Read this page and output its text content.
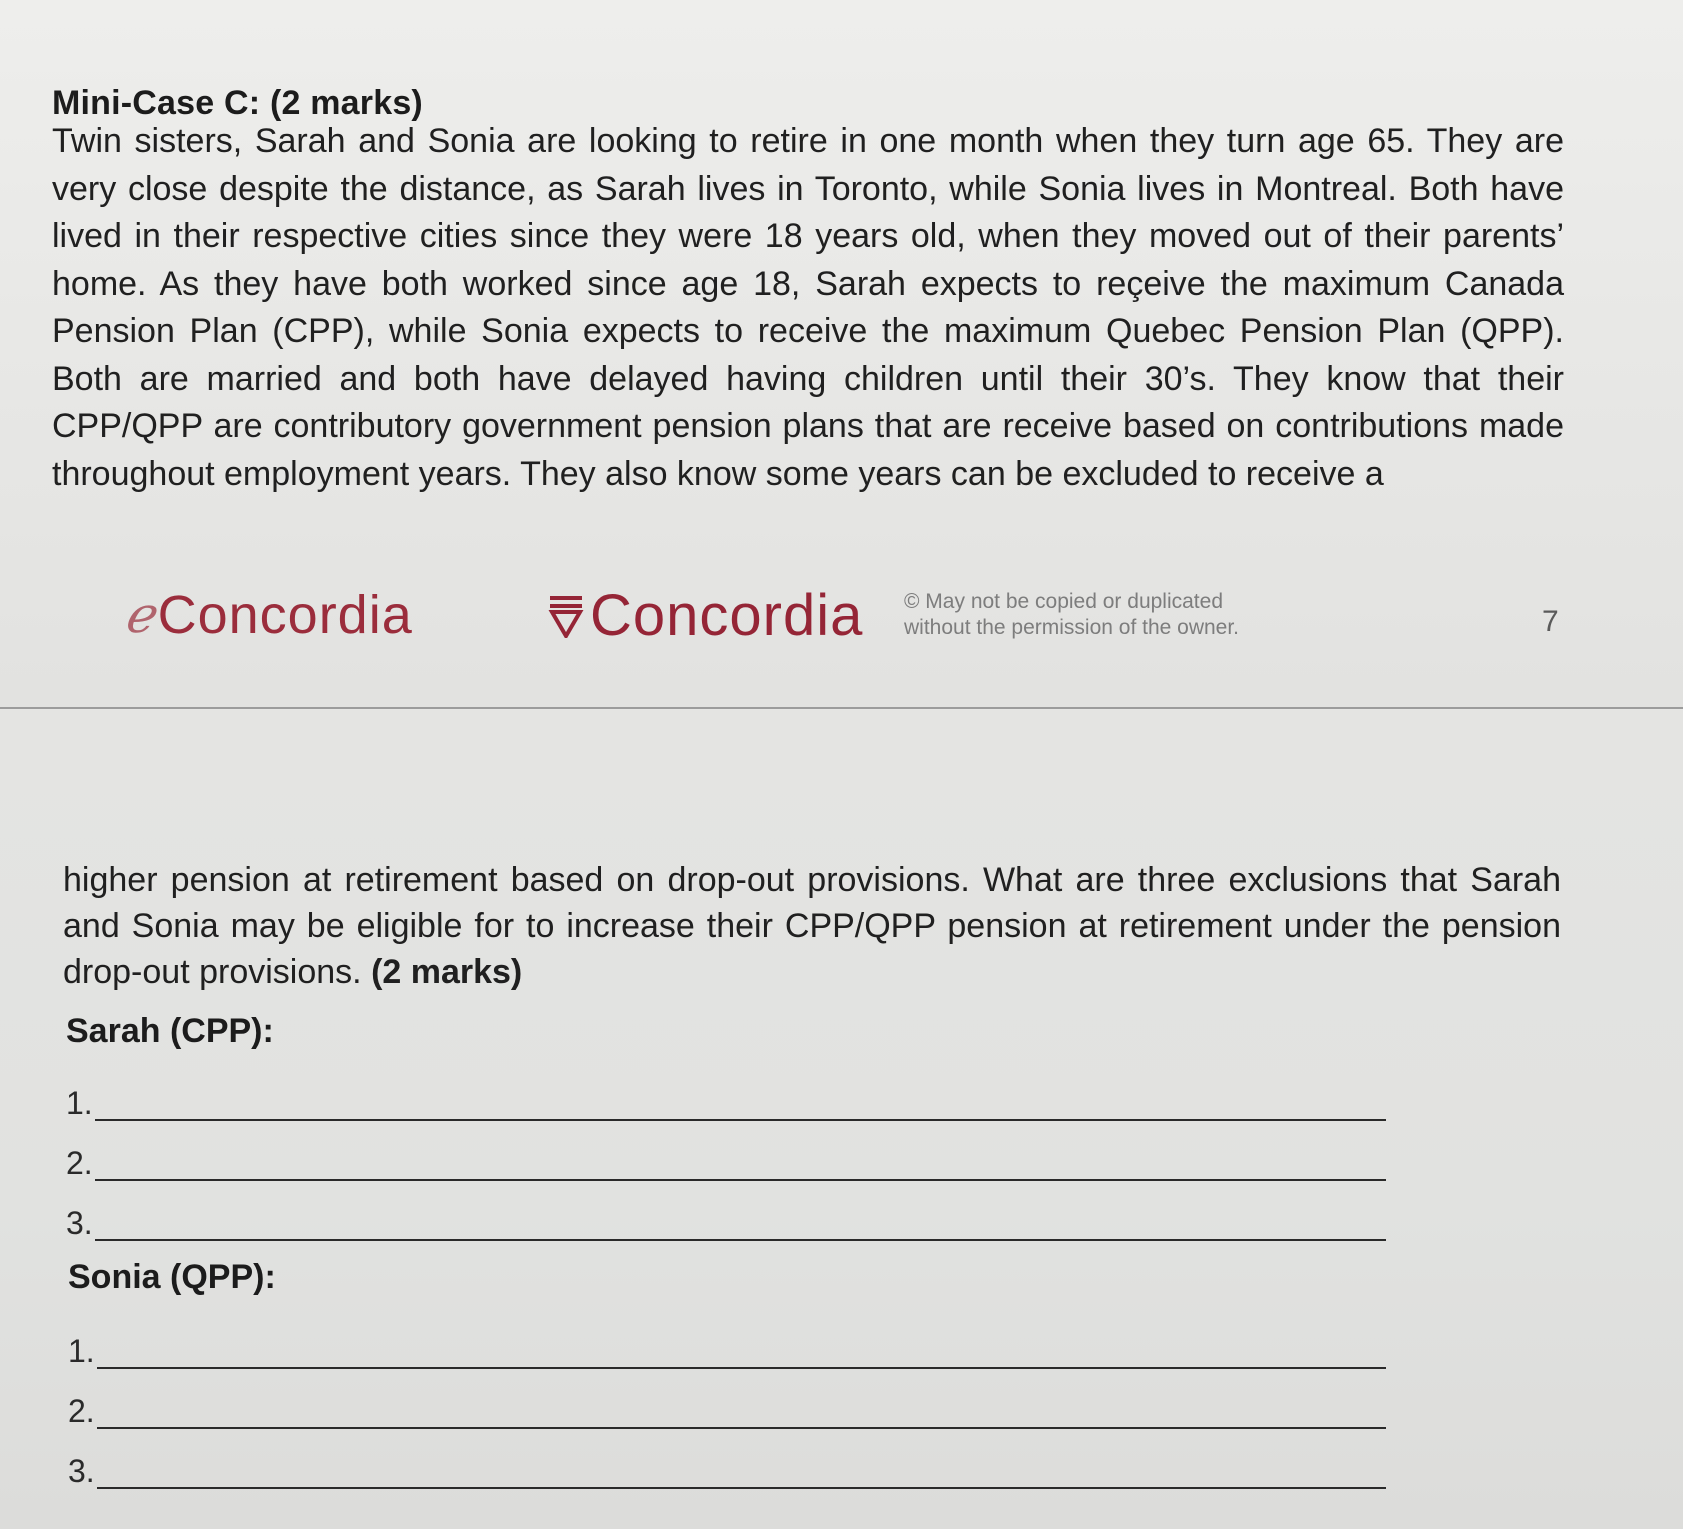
Mini-Case C: (2 marks)

Twin sisters, Sarah and Sonia are looking to retire in one month when they turn age 65. They are very close despite the distance, as Sarah lives in Toronto, while Sonia lives in Montreal. Both have lived in their respective cities since they were 18 years old, when they moved out of their parents’ home. As they have both worked since age 18, Sarah expects to reçeive the maximum Canada Pension Plan (CPP), while Sonia expects to receive the maximum Quebec Pension Plan (QPP). Both are married and both have delayed having children until their 30’s. They know that their CPP/QPP are contributory government pension plans that are receive based on contributions made throughout employment years. They also know some years can be excluded to receive a

ℯ Concordia	Concordia © May not be copied or duplicated
without the permission of the owner.	7

higher pension at retirement based on drop-out provisions. What are three exclusions that Sarah and Sonia may be eligible for to increase their CPP/QPP pension at retirement under the pension drop-out provisions. (2 marks)

Sarah (CPP):
1.
2.
3.
Sonia (QPP):
1.
2.
3.
